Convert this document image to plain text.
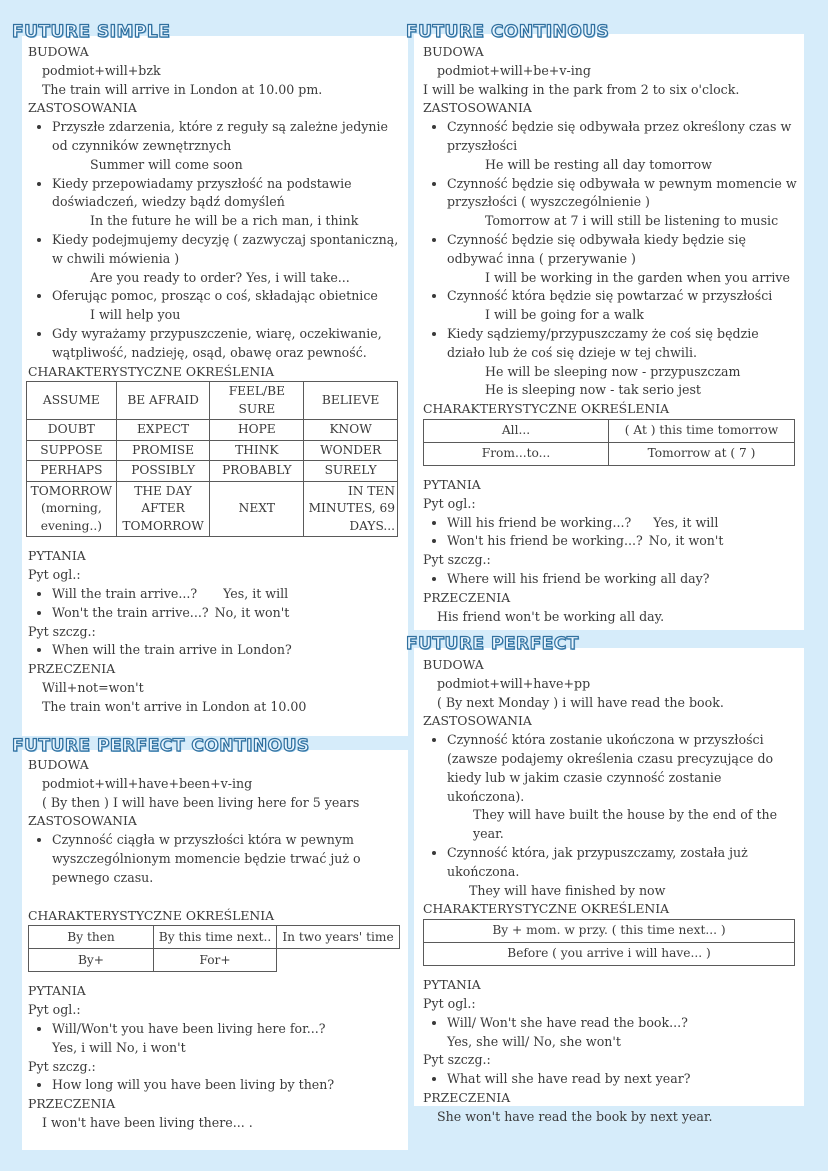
FUTURE SIMPLE	FUTURE CONTINOUS
FUTURE PERFECT CONTINOUS
FUTURE PERFECT

BUDOWA

podmiot+will+bzk

The train will arrive in London at 10.00 pm.

ZASTOSOWANIA

• Przyszłe zdarzenia, które z reguły są zależne jedynie od czynników zewnętrznych

Summer will come soon

• Kiedy przepowiadamy przyszłość na podstawie doświadczeń, wiedzy bądź domyśleń

In the future he will be a rich man, i think

• Kiedy podejmujemy decyzję ( zazwyczaj spontaniczną, w chwili mówienia )

Are you ready to order? Yes, i will take...

• Oferując pomoc, prosząc o coś, składając obietnice

I will help you

• Gdy wyrażamy przypuszczenie, wiarę, oczekiwanie, wątpliwość, nadzieję, osąd, obawę oraz pewność.

CHARAKTERYSTYCZNE OKREŚLENIA

ASSUME	BE AFRAID	FEEL/BE SURE	BELIEVE
DOUBT	EXPECT	HOPE	KNOW
SUPPOSE	PROMISE	THINK	WONDER
PERHAPS	POSSIBLY	PROBABLY	SURELY
TOMORROW (morning, evening..)	THE DAY AFTER TOMORROW	NEXT	IN TEN MINUTES, 69 DAYS...

PYTANIA

Pyt ogl.:

• Will the train arrive...? Yes, it will
• Won't the train arrive...? No, it won't

Pyt szczg.:

• When will the train arrive in London?

PRZECZENIA

Will+not=won't

The train won't arrive in London at 10.00

BUDOWA

podmiot+will+be+v-ing

I will be walking in the park from 2 to six o'clock.

ZASTOSOWANIA

• Czynność będzie się odbywała przez określony czas w przyszłości

He will be resting all day tomorrow

• Czynność będzie się odbywała w pewnym momencie w przyszłości ( wyszczególnienie )

Tomorrow at 7 i will still be listening to music

• Czynność będzie się odbywała kiedy będzie się odbywać inna ( przerywanie )

I will be working in the garden when you arrive

• Czynność która będzie się powtarzać w przyszłości

I will be going for a walk

• Kiedy sądziemy/przypuszczamy że coś się będzie działo lub że coś się dzieje w tej chwili.

He will be sleeping now - przypuszczam

He is sleeping now - tak serio jest

CHARAKTERYSTYCZNE OKREŚLENIA

All...	( At ) this time tomorrow
From...to...	Tomorrow at ( 7 )

PYTANIA

Pyt ogl.:

• Will his friend be working...? Yes, it will
• Won't his friend be working...? No, it won't

Pyt szczg.:

• Where will his friend be working all day?

PRZECZENIA

His friend won't be working all day.

BUDOWA

podmiot+will+have+been+v-ing

( By then ) I will have been living here for 5 years

ZASTOSOWANIA

• Czynność ciągła w przyszłości która w pewnym wyszczególnionym momencie będzie trwać już o pewnego czasu.

CHARAKTERYSTYCZNE OKREŚLENIA

By then	By this time next..	In two years' time
By+	For+	

PYTANIA

Pyt ogl.:

• Will/Won't you have been living here for...?

Yes, i will No, i won't

Pyt szczg.:

• How long will you have been living by then?

PRZECZENIA

I won't have been living there... .

BUDOWA

podmiot+will+have+pp

( By next Monday ) i will have read the book.

ZASTOSOWANIA

• Czynność która zostanie ukończona w przyszłości (zawsze podajemy określenia czasu precyzujące do kiedy lub w jakim czasie czynność zostanie ukończona).

They will have built the house by the end of the year.

• Czynność która, jak przypuszczamy, została już ukończona.

They will have finished by now

CHARAKTERYSTYCZNE OKREŚLENIA

By + mom. w przy. ( this time next... )
Before ( you arrive i will have... )

PYTANIA

Pyt ogl.:

• Will/ Won't she have read the book...?

Yes, she will/ No, she won't

Pyt szczg.:

• What will she have read by next year?

PRZECZENIA

She won't have read the book by next year.
